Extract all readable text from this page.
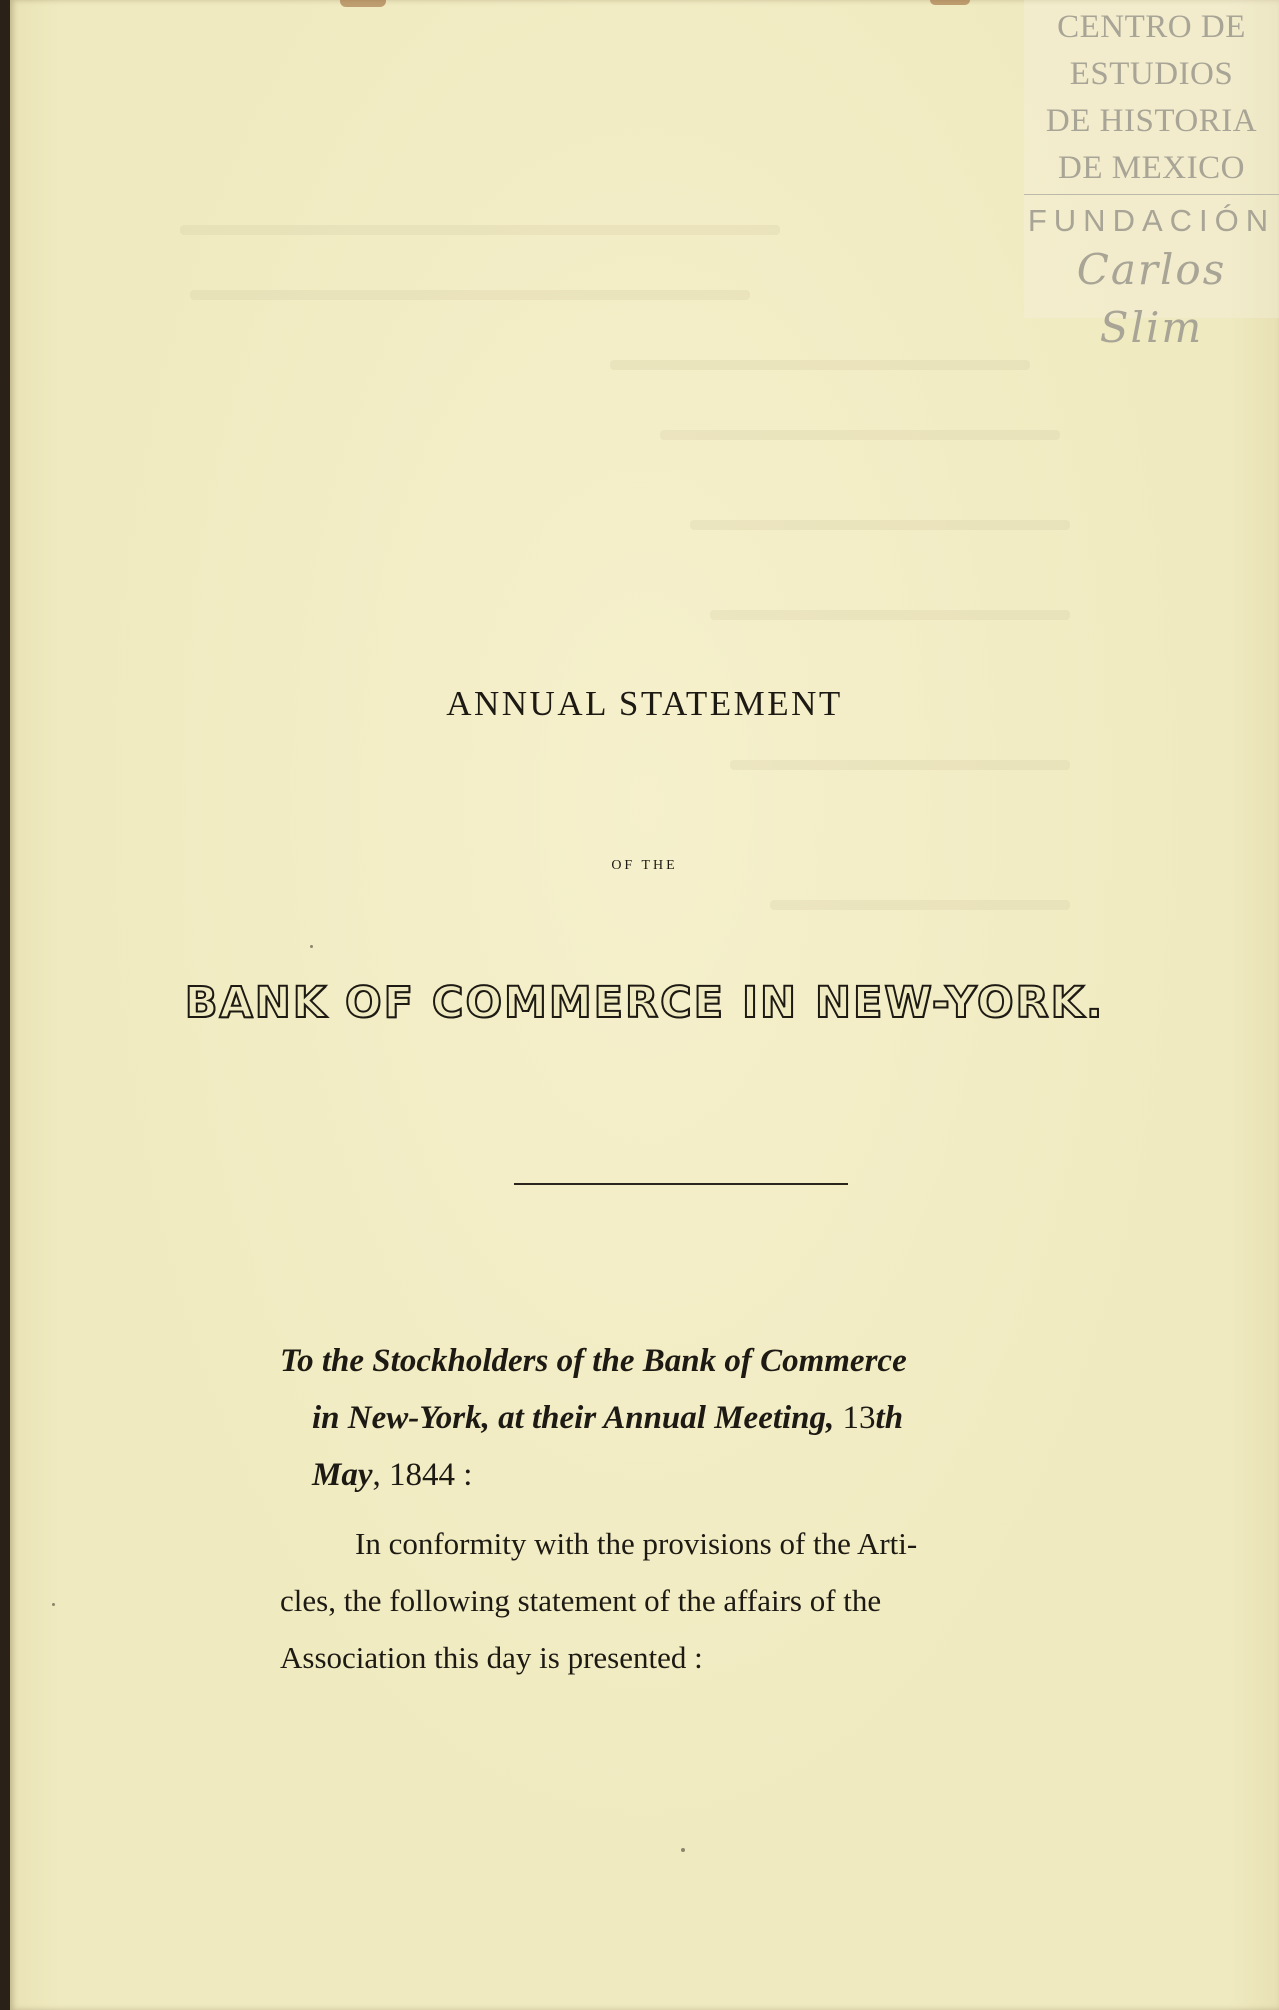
CENTRO DE
ESTUDIOS
DE HISTORIA
DE MEXICO
FUNDACIÓN
Carlos Slim
ANNUAL STATEMENT
OF THE
BANK OF COMMERCE IN NEW-YORK.
To the Stockholders of the Bank of Commerce
in New-York, at their Annual Meeting, 13th
May, 1844 :
In conformity with the provisions of the Arti-
cles, the following statement of the affairs of the
Association this day is presented :
